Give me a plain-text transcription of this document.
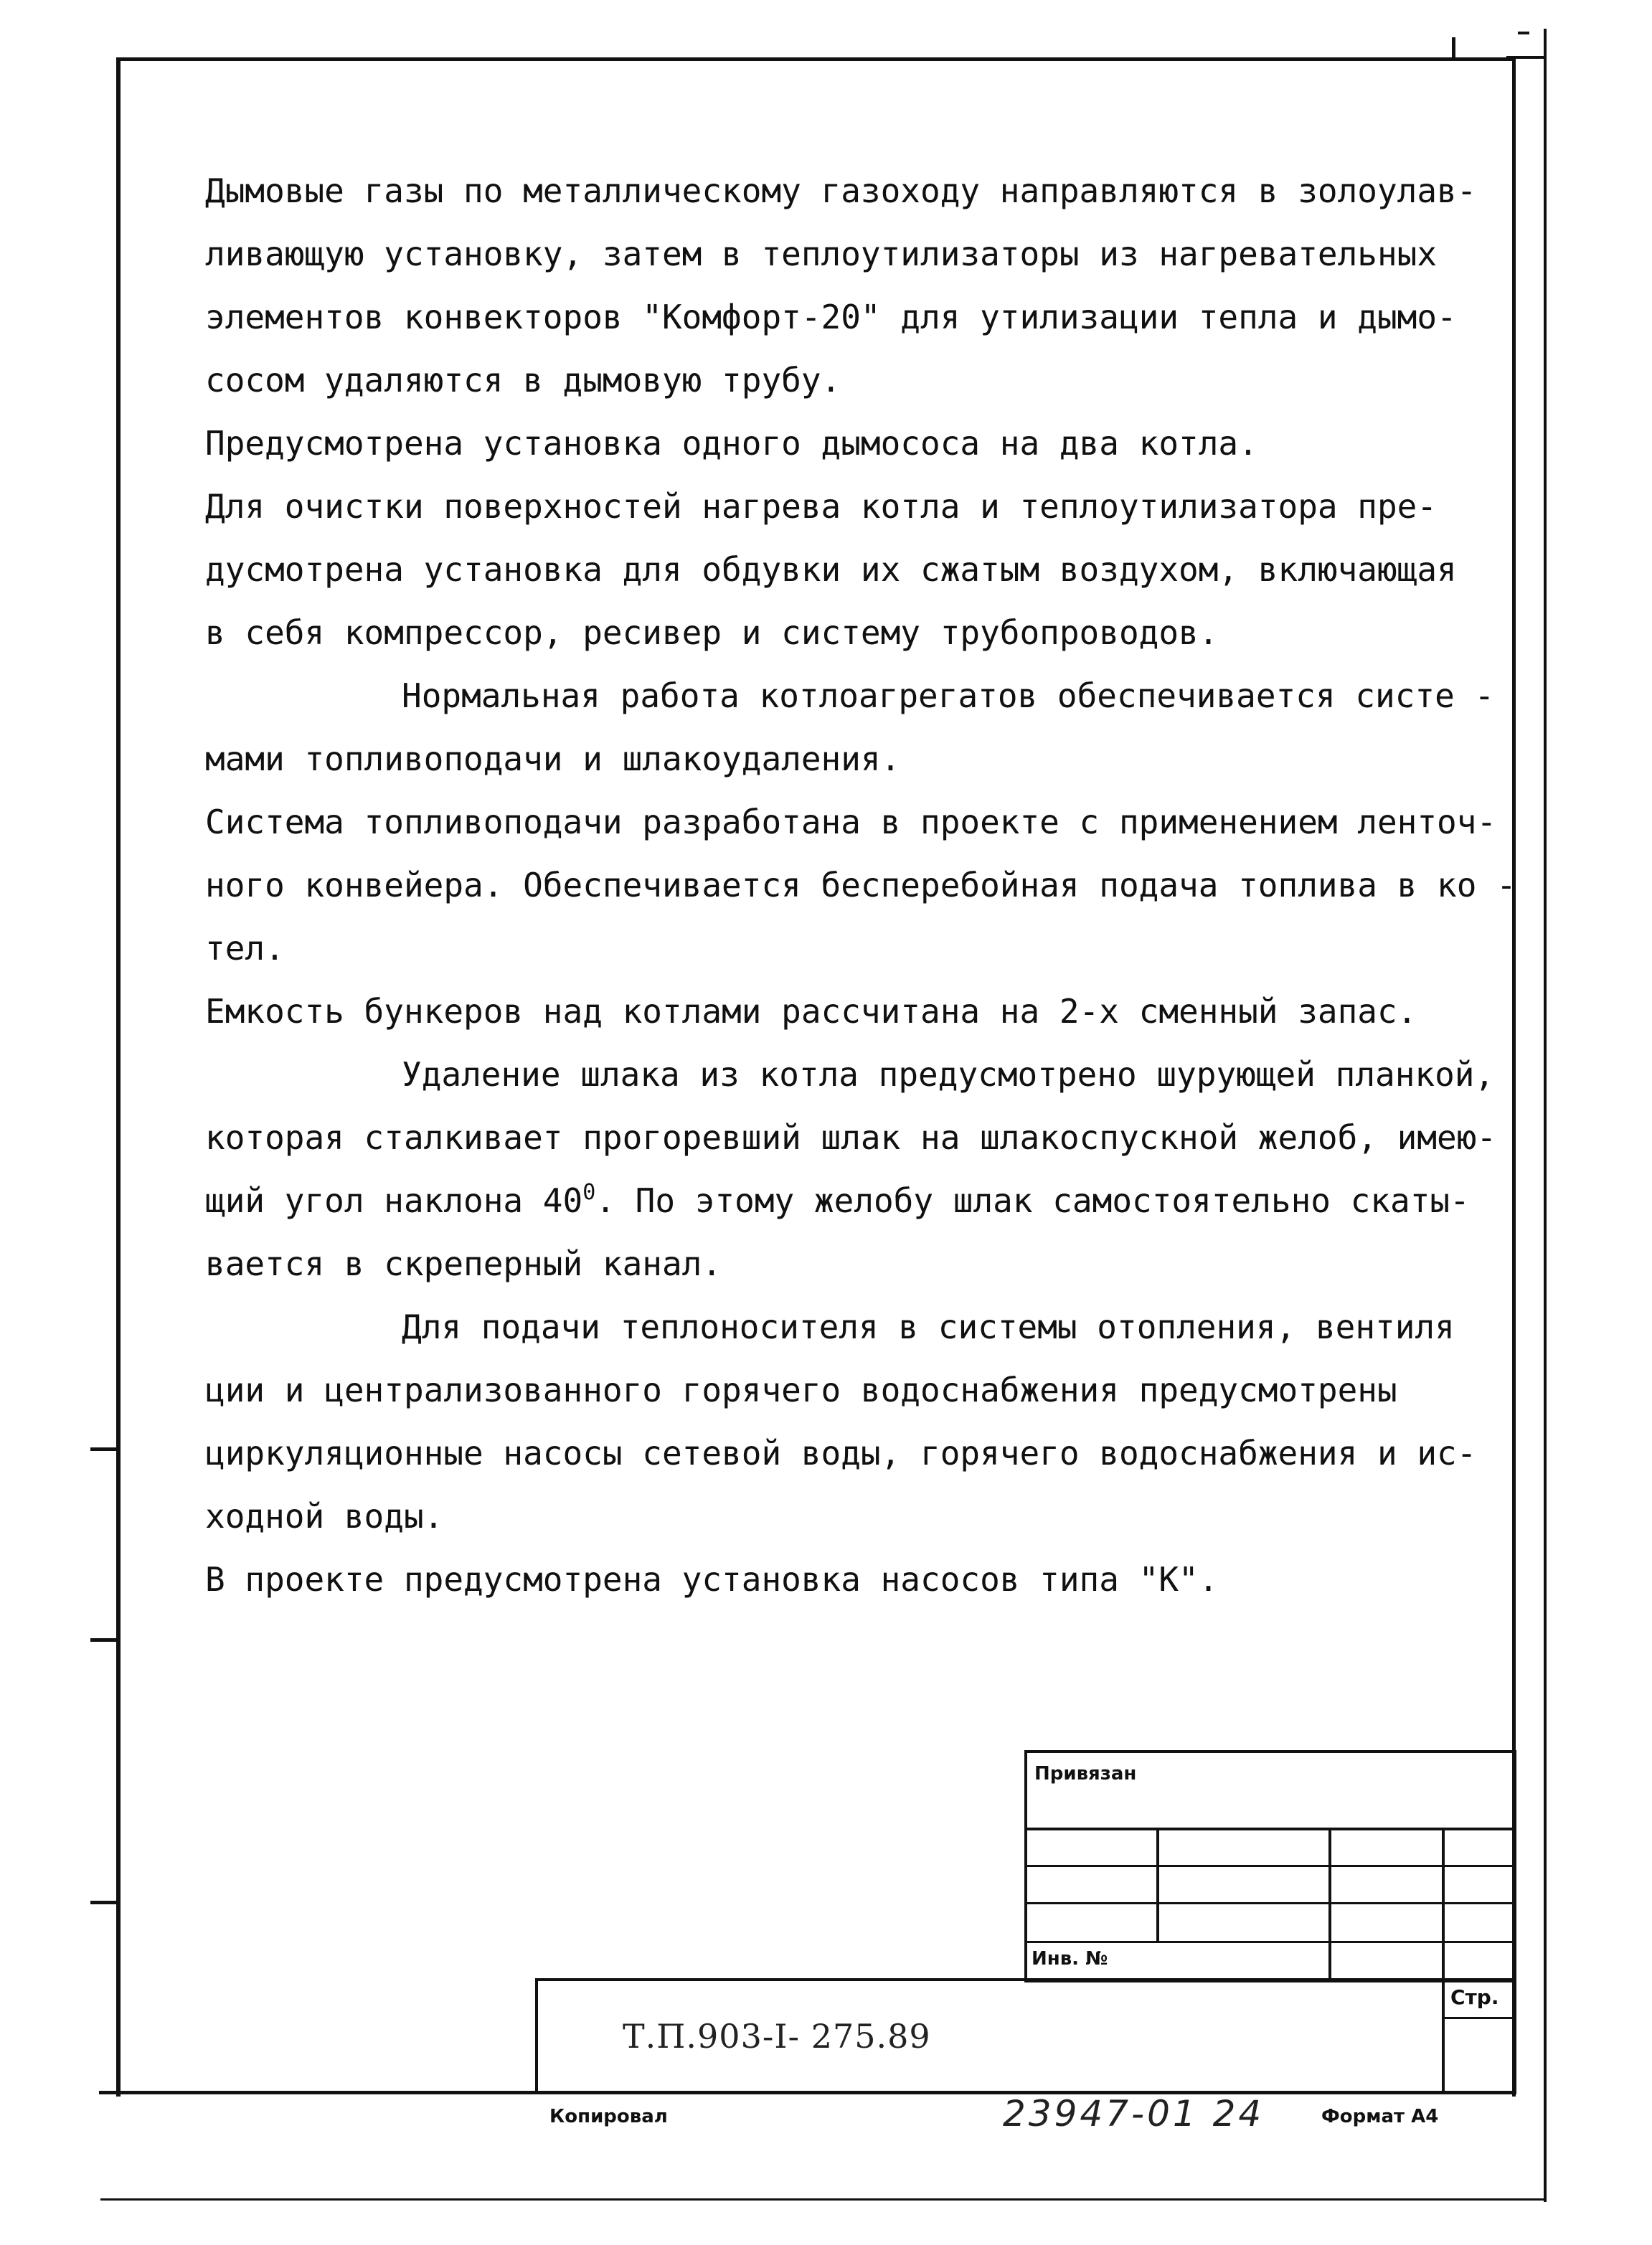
Дымовые газы по металлическому газоходу направляются в золоулав-
ливающую установку, затем в теплоутилизаторы из нагревательных
элементов конвекторов "Комфорт-20" для утилизации тепла и дымо-
сосом удаляются в дымовую трубу.
Предусмотрена установка одного дымососа на два котла.
Для очистки поверхностей нагрева котла и теплоутилизатора пре-
дусмотрена установка для обдувки их сжатым воздухом, включающая
в себя компрессор, ресивер и систему трубопроводов.
Нормальная работа котлоагрегатов обеспечивается систе -
мами топливоподачи и шлакоудаления.
Система топливоподачи разработана в проекте с применением ленточ-
ного конвейера. Обеспечивается бесперебойная подача топлива в ко -
тел.
Емкость бункеров над котлами рассчитана на 2-х сменный запас.
Удаление шлака из котла предусмотрено шурующей планкой,
которая сталкивает прогоревший шлак на шлакоспускной желоб, имею-
щий угол наклона $40^0$. По этому желобу шлак самостоятельно скаты-
вается в скреперный канал.
Для подачи теплоносителя в системы отопления, вентиля
ции и централизованного горячего водоснабжения предусмотрены
циркуляционные насосы сетевой воды, горячего водоснабжения и ис-
ходной воды.
В проекте предусмотрена установка насосов типа "К".
Привязан
Инв. №
Стр.
Т.П.903-I- 275.89
Копировал	23947-01 24	Формат А4
